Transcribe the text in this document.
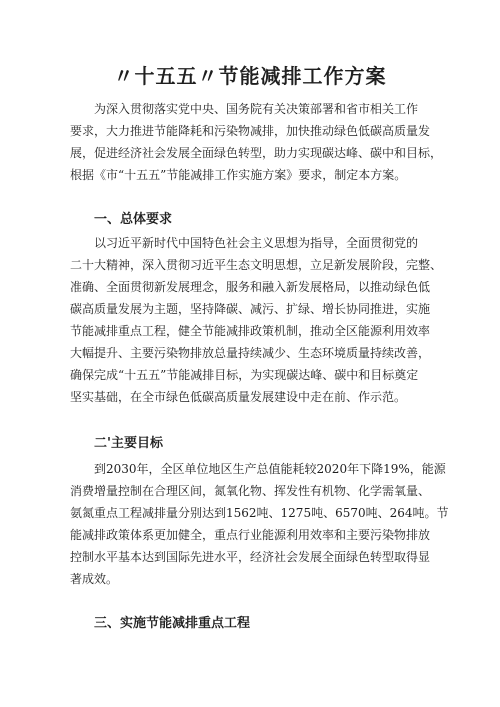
〃十五五〃节能减排工作方案
为深入贯彻落实党中央、国务院有关决策部署和省市相关工作
要求，大力推进节能降耗和污染物减排，加快推动绿色低碳高质量发
展，促进经济社会发展全面绿色转型，助力实现碳达峰、碳中和目标，
根据《市“十五五”节能减排工作实施方案》要求，制定本方案。
一、总体要求
以习近平新时代中国特色社会主义思想为指导，全面贯彻党的
二十大精神，深入贯彻习近平生态文明思想，立足新发展阶段，完整、
准确、全面贯彻新发展理念，服务和融入新发展格局，以推动绿色低
碳高质量发展为主题，坚持降碳、减污、扩绿、增长协同推进，实施
节能减排重点工程，健全节能减排政策机制，推动全区能源利用效率
大幅提升、主要污染物排放总量持续减少、生态环境质量持续改善，
确保完成“十五五”节能减排目标，为实现碳达峰、碳中和目标奠定
坚实基础，在全市绿色低碳高质量发展建设中走在前、作示范。
二'主要目标
到2030年，全区单位地区生产总值能耗较2020年下降19%，能源
消费增量控制在合理区间，氮氧化物、挥发性有机物、化学需氧量、
氨氮重点工程减排量分别达到1562吨、1275吨、6570吨、264吨。节
能减排政策体系更加健全，重点行业能源利用效率和主要污染物排放
控制水平基本达到国际先进水平，经济社会发展全面绿色转型取得显
著成效。
三、实施节能减排重点工程
